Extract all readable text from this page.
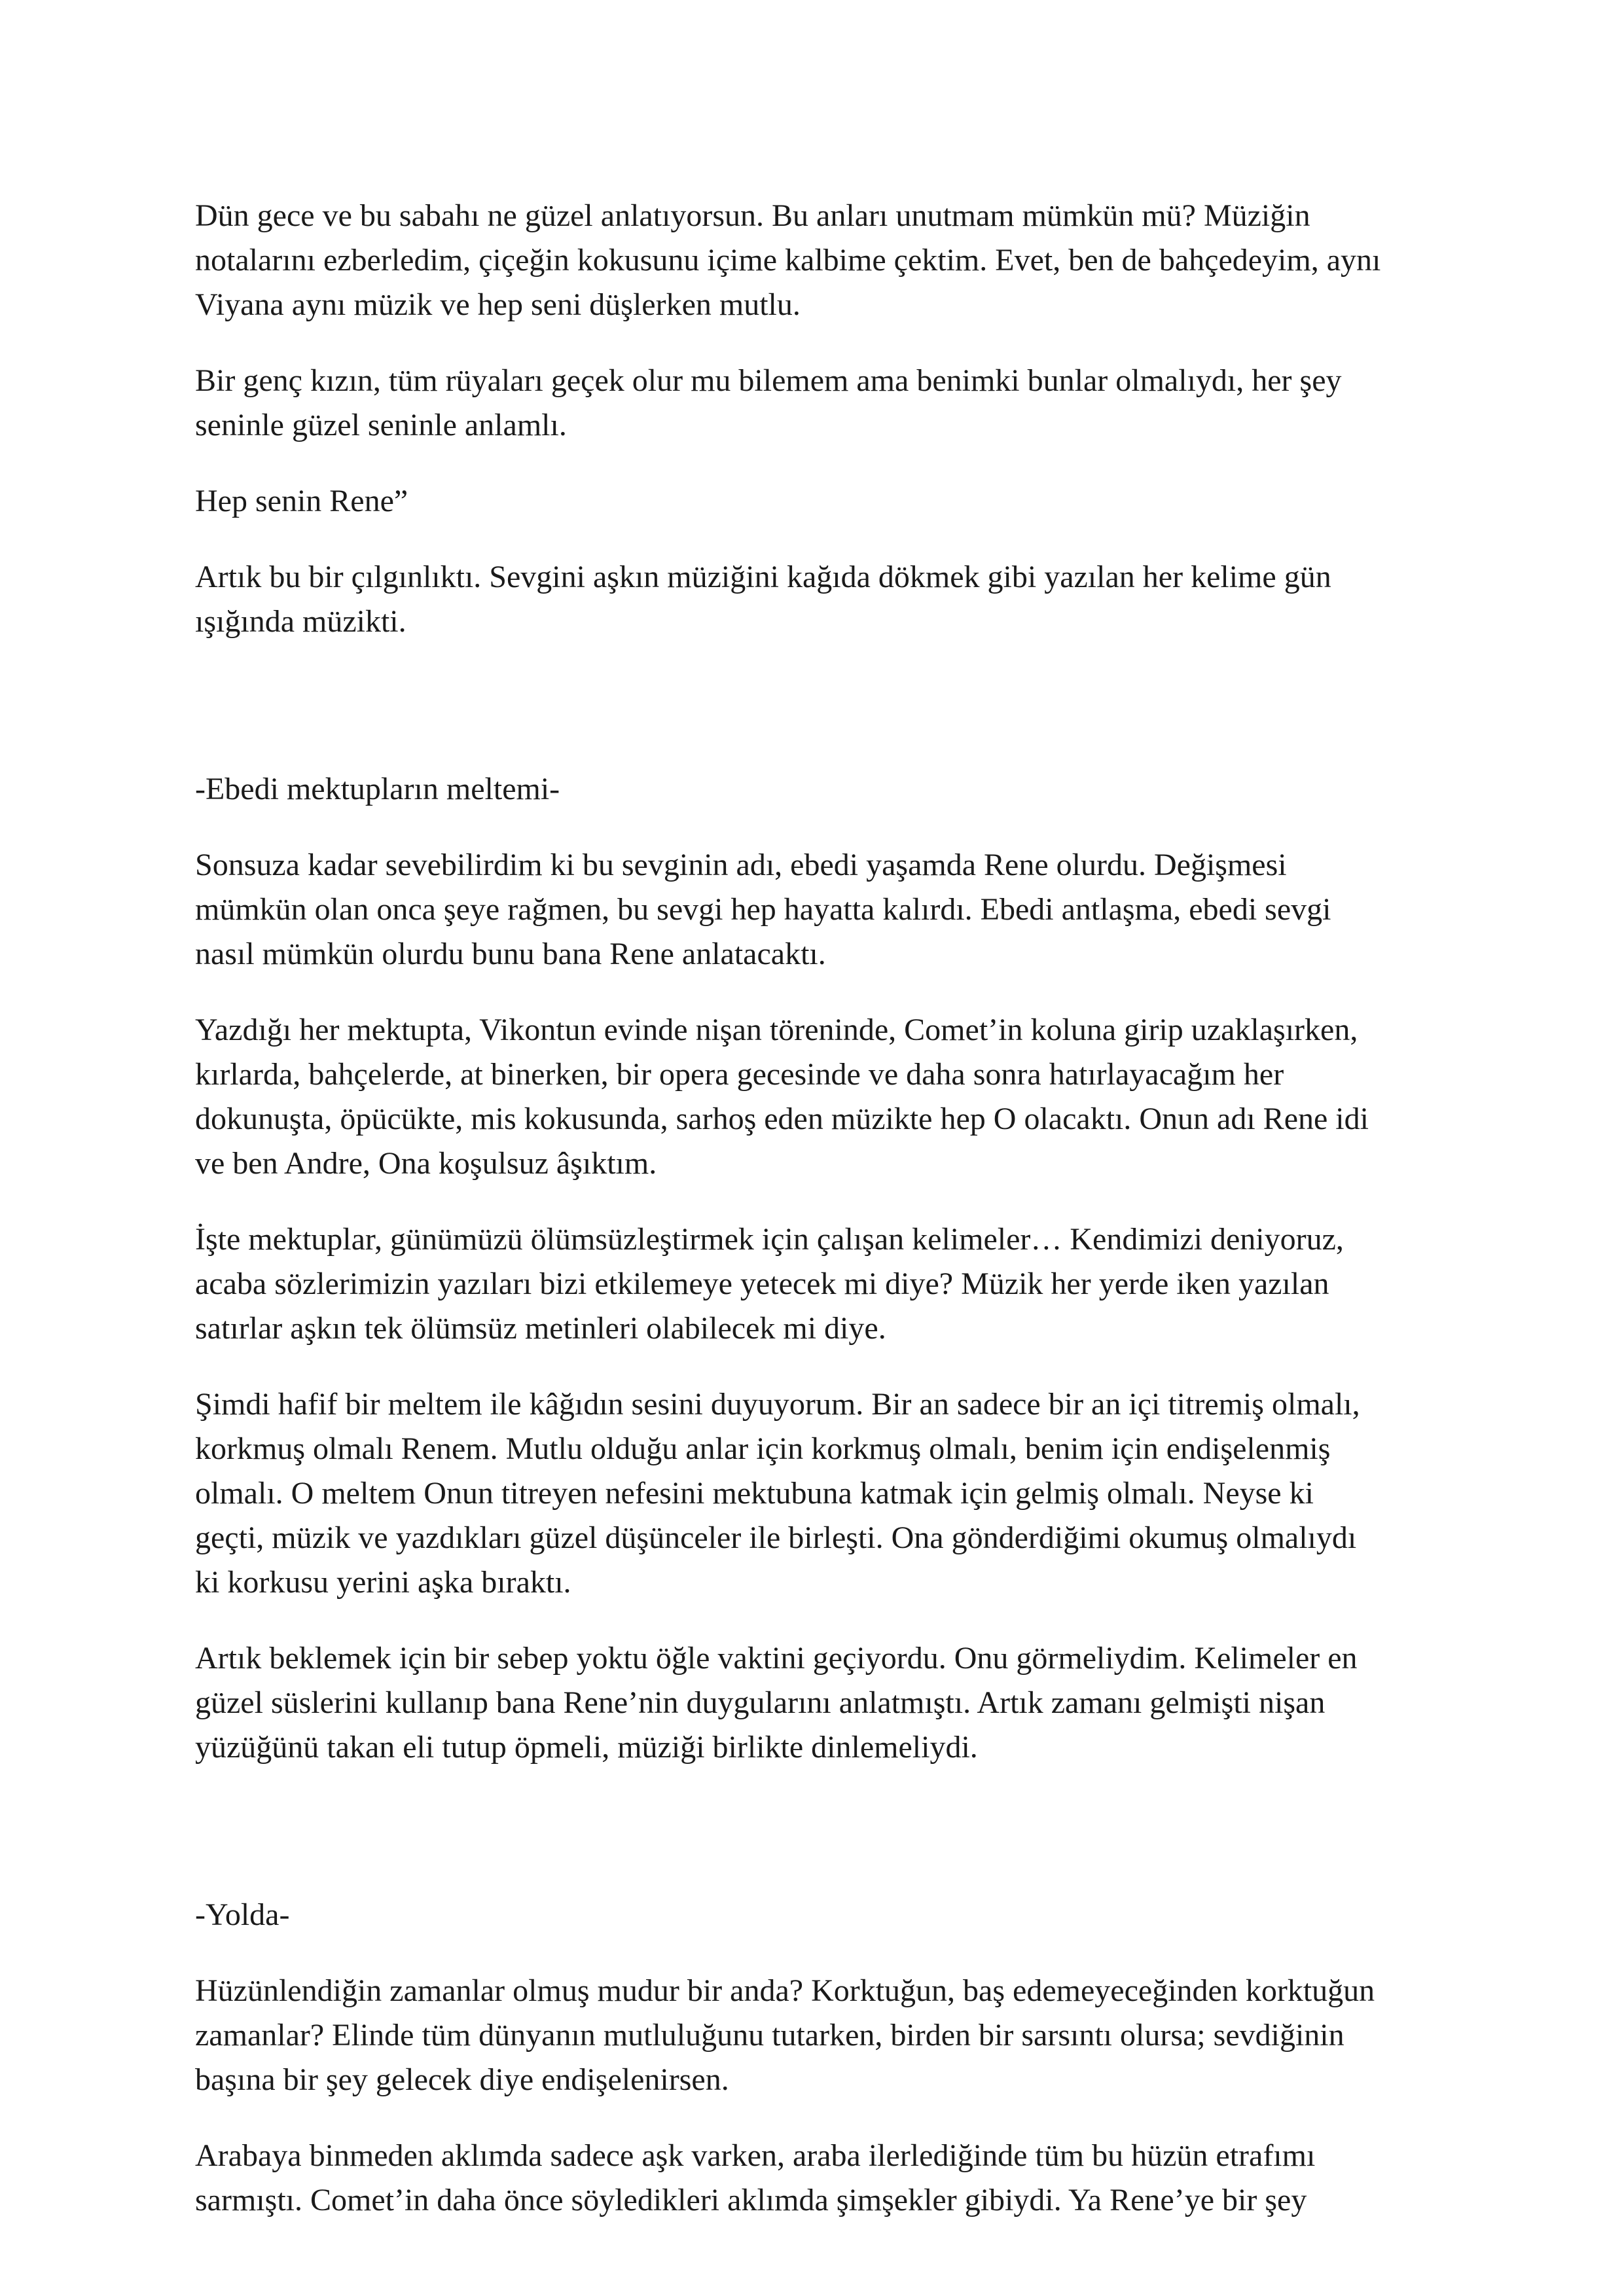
Dün gece ve bu sabahı ne güzel anlatıyorsun. Bu anları unutmam mümkün mü? Müziğin
notalarını ezberledim, çiçeğin kokusunu içime kalbime çektim. Evet, ben de bahçedeyim, aynı
Viyana aynı müzik ve hep seni düşlerken mutlu.

Bir genç kızın, tüm rüyaları geçek olur mu bilemem ama benimki bunlar olmalıydı, her şey
seninle güzel seninle anlamlı.

Hep senin Rene”

Artık bu bir çılgınlıktı. Sevgini aşkın müziğini kağıda dökmek gibi yazılan her kelime gün
ışığında müzikti.

-Ebedi mektupların meltemi-

Sonsuza kadar sevebilirdim ki bu sevginin adı, ebedi yaşamda Rene olurdu. Değişmesi
mümkün olan onca şeye rağmen, bu sevgi hep hayatta kalırdı. Ebedi antlaşma, ebedi sevgi
nasıl mümkün olurdu bunu bana Rene anlatacaktı.

Yazdığı her mektupta, Vikontun evinde nişan töreninde, Comet’in koluna girip uzaklaşırken,
kırlarda, bahçelerde, at binerken, bir opera gecesinde ve daha sonra hatırlayacağım her
dokunuşta, öpücükte, mis kokusunda, sarhoş eden müzikte hep O olacaktı. Onun adı Rene idi
ve ben Andre, Ona koşulsuz âşıktım.

İşte mektuplar, günümüzü ölümsüzleştirmek için çalışan kelimeler… Kendimizi deniyoruz,
acaba sözlerimizin yazıları bizi etkilemeye yetecek mi diye? Müzik her yerde iken yazılan
satırlar aşkın tek ölümsüz metinleri olabilecek mi diye.

Şimdi hafif bir meltem ile kâğıdın sesini duyuyorum. Bir an sadece bir an içi titremiş olmalı,
korkmuş olmalı Renem. Mutlu olduğu anlar için korkmuş olmalı, benim için endişelenmiş
olmalı. O meltem Onun titreyen nefesini mektubuna katmak için gelmiş olmalı. Neyse ki
geçti, müzik ve yazdıkları güzel düşünceler ile birleşti. Ona gönderdiğimi okumuş olmalıydı
ki korkusu yerini aşka bıraktı.

Artık beklemek için bir sebep yoktu öğle vaktini geçiyordu. Onu görmeliydim. Kelimeler en
güzel süslerini kullanıp bana Rene’nin duygularını anlatmıştı. Artık zamanı gelmişti nişan
yüzüğünü takan eli tutup öpmeli, müziği birlikte dinlemeliydi.

-Yolda-

Hüzünlendiğin zamanlar olmuş mudur bir anda? Korktuğun, baş edemeyeceğinden korktuğun
zamanlar? Elinde tüm dünyanın mutluluğunu tutarken, birden bir sarsıntı olursa; sevdiğinin
başına bir şey gelecek diye endişelenirsen.

Arabaya binmeden aklımda sadece aşk varken, araba ilerlediğinde tüm bu hüzün etrafımı
sarmıştı. Comet’in daha önce söyledikleri aklımda şimşekler gibiydi. Ya Rene’ye bir şey
